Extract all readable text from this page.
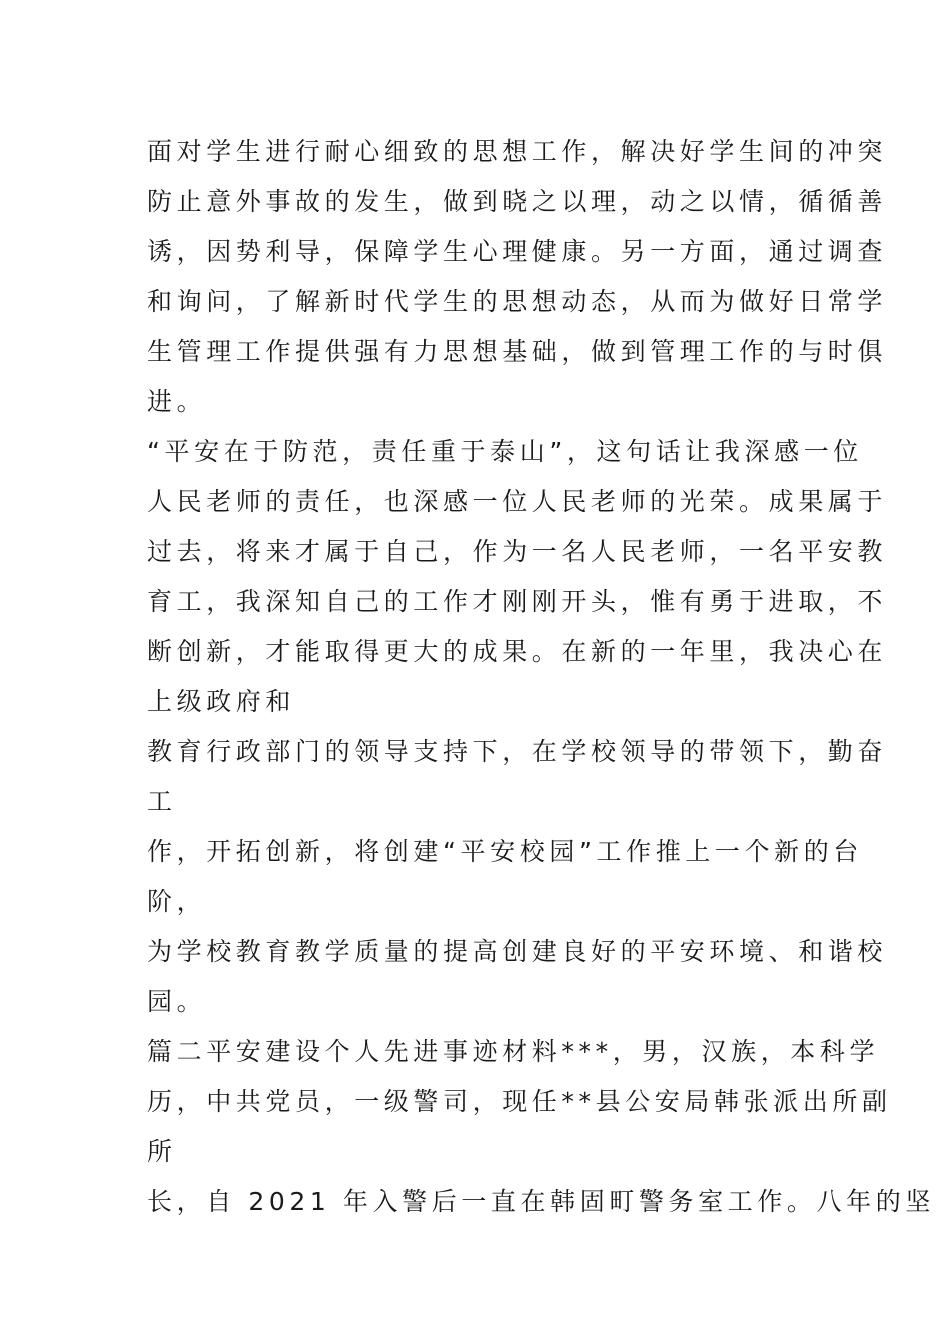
面对学生进行耐心细致的思想工作，解决好学生间的冲突
防止意外事故的发生，做到晓之以理，动之以情，循循善
诱，因势利导，保障学生心理健康。另一方面，通过调查
和询问，了解新时代学生的思想动态，从而为做好日常学
生管理工作提供强有力思想基础，做到管理工作的与时俱
进。
“平安在于防范，责任重于泰山”，这句话让我深感一位
人民老师的责任，也深感一位人民老师的光荣。成果属于
过去，将来才属于自己，作为一名人民老师，一名平安教
育工，我深知自己的工作才刚刚开头，惟有勇于进取，不
断创新，才能取得更大的成果。在新的一年里，我决心在
上级政府和
教育行政部门的领导支持下，在学校领导的带领下，勤奋
工
作，开拓创新，将创建“平安校园”工作推上一个新的台
阶，
为学校教育教学质量的提高创建良好的平安环境、和谐校
园。
篇二平安建设个人先进事迹材料***，男，汉族，本科学
历，中共党员，一级警司，现任**县公安局韩张派出所副
所
长，自 2021 年入警后一直在韩固町警务室工作。八年的坚
